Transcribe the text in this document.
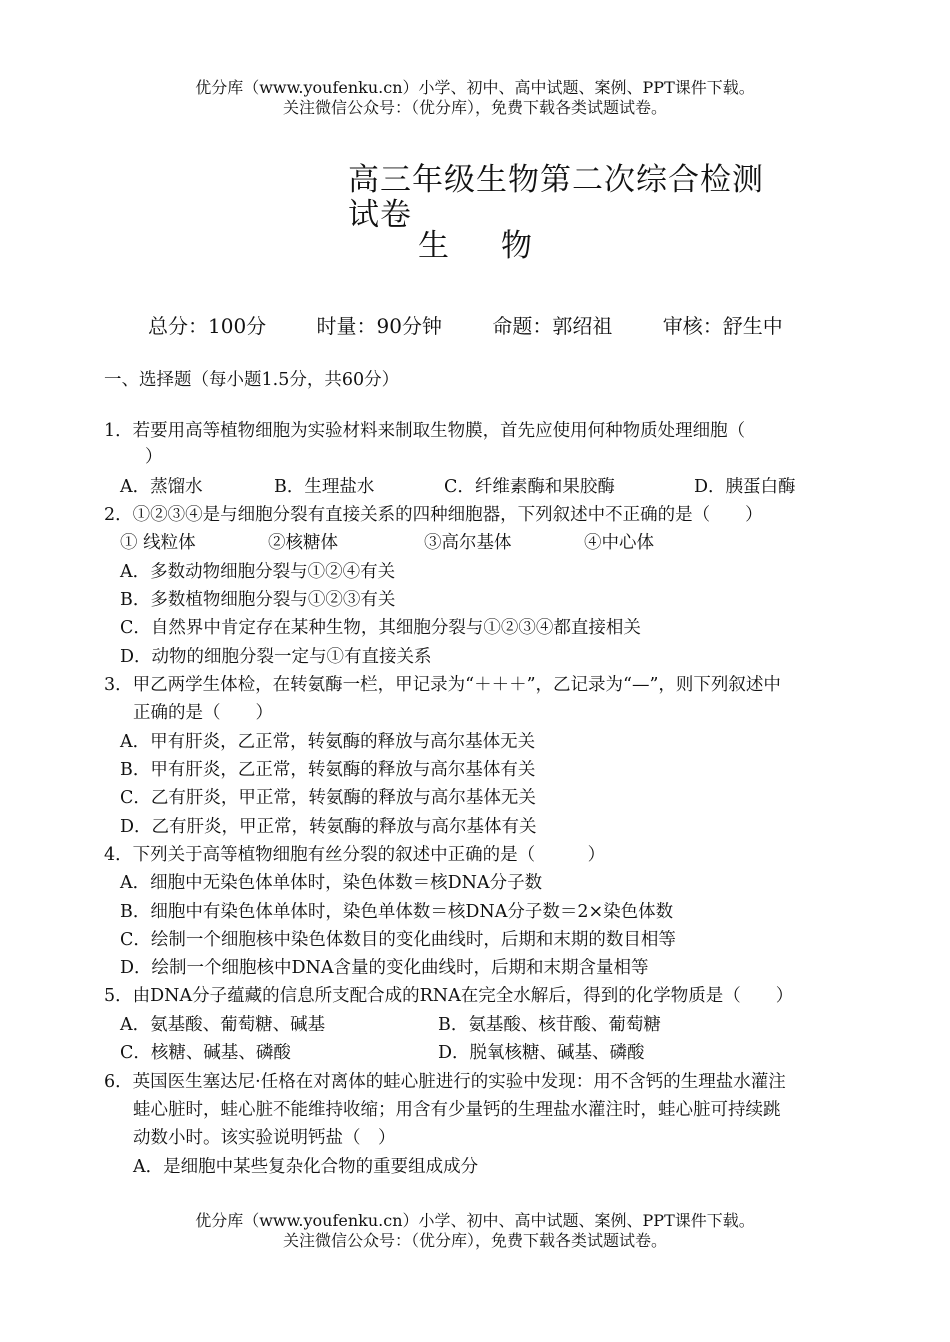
优分库（www.youfenku.cn）小学、初中、高中试题、案例、PPT课件下载。
关注微信公众号：（优分库），免费下载各类试题试卷。
高三年级生物第二次综合检测
试卷
生物
总分：100分	时量：90分钟	命题：郭绍祖	审核：舒生中
一、选择题（每小题1.5分，共60分）
1．若要用高等植物细胞为实验材料来制取生物膜，首先应使用何种物质处理细胞（
）
A．蒸馏水	B．生理盐水	C．纤维素酶和果胶酶	D．胰蛋白酶
2．①②③④是与细胞分裂有直接关系的四种细胞器，下列叙述中不正确的是（　　）
① 线粒体	②核糖体	③高尔基体	④中心体
A．多数动物细胞分裂与①②④有关
B．多数植物细胞分裂与①②③有关
C．自然界中肯定存在某种生物，其细胞分裂与①②③④都直接相关
D．动物的细胞分裂一定与①有直接关系
3．甲乙两学生体检，在转氨酶一栏，甲记录为“＋＋＋”，乙记录为“—”，则下列叙述中
正确的是（　　）
A．甲有肝炎，乙正常，转氨酶的释放与高尔基体无关
B．甲有肝炎，乙正常，转氨酶的释放与高尔基体有关
C．乙有肝炎，甲正常，转氨酶的释放与高尔基体无关
D．乙有肝炎，甲正常，转氨酶的释放与高尔基体有关
4．下列关于高等植物细胞有丝分裂的叙述中正确的是（　　　）
A．细胞中无染色体单体时，染色体数＝核DNA分子数
B．细胞中有染色体单体时，染色单体数＝核DNA分子数＝2×染色体数
C．绘制一个细胞核中染色体数目的变化曲线时，后期和末期的数目相等
D．绘制一个细胞核中DNA含量的变化曲线时，后期和末期含量相等
5．由DNA分子蕴藏的信息所支配合成的RNA在完全水解后，得到的化学物质是（　　）
A．氨基酸、葡萄糖、碱基	B．氨基酸、核苷酸、葡萄糖
C．核糖、碱基、磷酸	D．脱氧核糖、碱基、磷酸
6．英国医生塞达尼·任格在对离体的蛙心脏进行的实验中发现：用不含钙的生理盐水灌注
蛙心脏时，蛙心脏不能维持收缩；用含有少量钙的生理盐水灌注时，蛙心脏可持续跳
动数小时。该实验说明钙盐（　）
A．是细胞中某些复杂化合物的重要组成成分
优分库（www.youfenku.cn）小学、初中、高中试题、案例、PPT课件下载。
关注微信公众号：（优分库），免费下载各类试题试卷。
